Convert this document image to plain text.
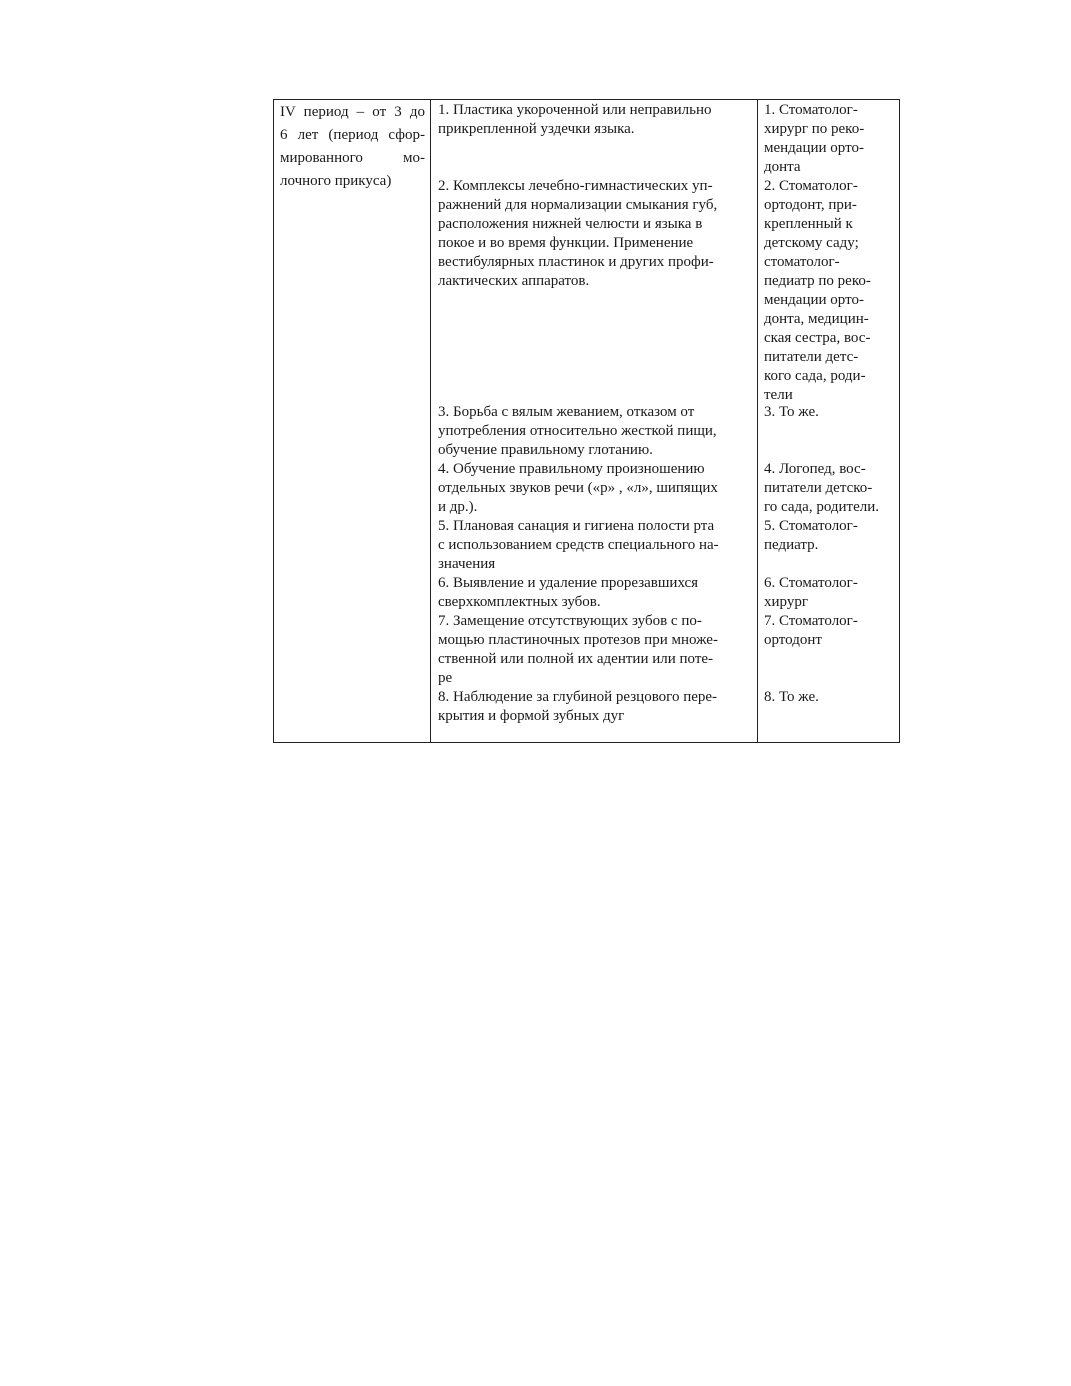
IV период – от 3 до
6 лет (период сфор-
мированного мо-
лочного прикуса)
1. Пластика укороченной или неправильно
прикрепленной уздечки языка.
2. Комплексы лечебно-гимнастических уп-
ражнений для нормализации смыкания губ,
расположения нижней челюсти и языка в
покое и во время функции. Применение
вестибулярных пластинок и других профи-
лактических аппаратов.
3. Борьба с вялым жеванием, отказом от
употребления относительно жесткой пищи,
обучение правильному глотанию.
4. Обучение правильному произношению
отдельных звуков речи («р» , «л», шипящих
и др.).
5. Плановая санация и гигиена полости рта
с использованием средств специального на-
значения
6. Выявление и удаление прорезавшихся
сверхкомплектных зубов.
7. Замещение отсутствующих зубов с по-
мощью пластиночных протезов при множе-
ственной или полной их адентии или поте-
ре
8. Наблюдение за глубиной резцового пере-
крытия и формой зубных дуг
1. Стоматолог-
хирург по реко-
мендации орто-
донта
2. Стоматолог-
ортодонт, при-
крепленный к
детскому саду;
стоматолог-
педиатр по реко-
мендации орто-
донта, медицин-
ская сестра, вос-
питатели детс-
кого сада, роди-
тели
3. То же.
4. Логопед, вос-
питатели детско-
го сада, родители.
5. Стоматолог-
педиатр.
6. Стоматолог-
хирург
7. Стоматолог-
ортодонт
8. То же.
